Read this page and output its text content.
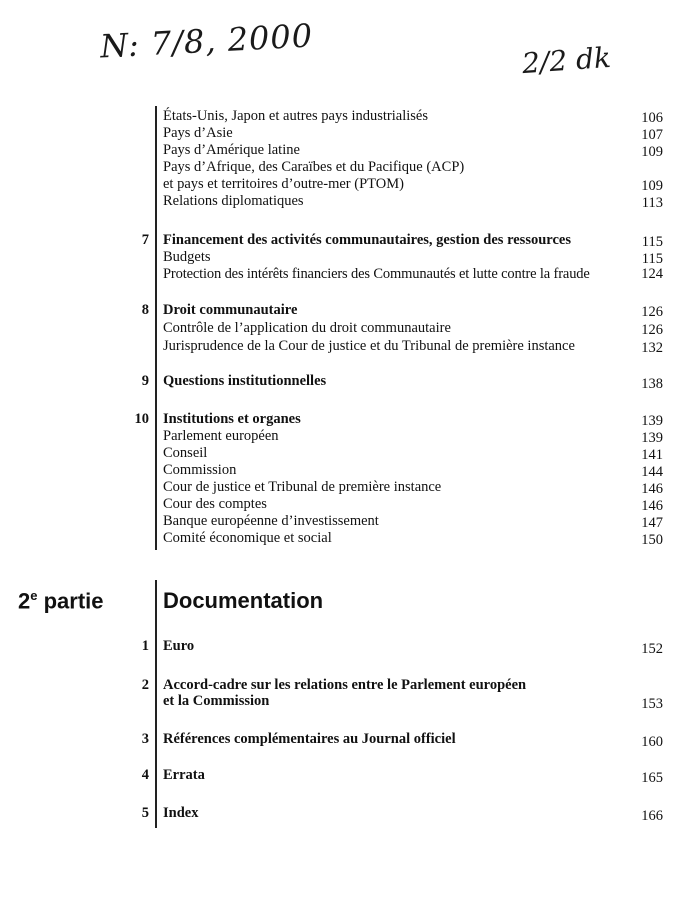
N: 7/8, 2000	2/2 dk
États-Unis, Japon et autres pays industrialisés	106
Pays d’Asie	107
Pays d’Amérique latine	109
Pays d’Afrique, des Caraïbes et du Pacifique (ACP)
et pays et territoires d’outre-mer (PTOM)	109
Relations diplomatiques	113
7 Financement des activités communautaires, gestion des ressources	115
Budgets	115
Protection des intérêts financiers des Communautés et lutte contre la fraude	124
8 Droit communautaire	126
Contrôle de l’application du droit communautaire	126
Jurisprudence de la Cour de justice et du Tribunal de première instance	132
9 Questions institutionnelles	138
10 Institutions et organes	139
Parlement européen	139
Conseil	141
Commission	144
Cour de justice et Tribunal de première instance	146
Cour des comptes	146
Banque européenne d’investissement	147
Comité économique et social	150
2e partie	Documentation
1 Euro	152
2 Accord-cadre sur les relations entre le Parlement européen
et la Commission	153
3 Références complémentaires au Journal officiel	160
4 Errata	165
5 Index	166
